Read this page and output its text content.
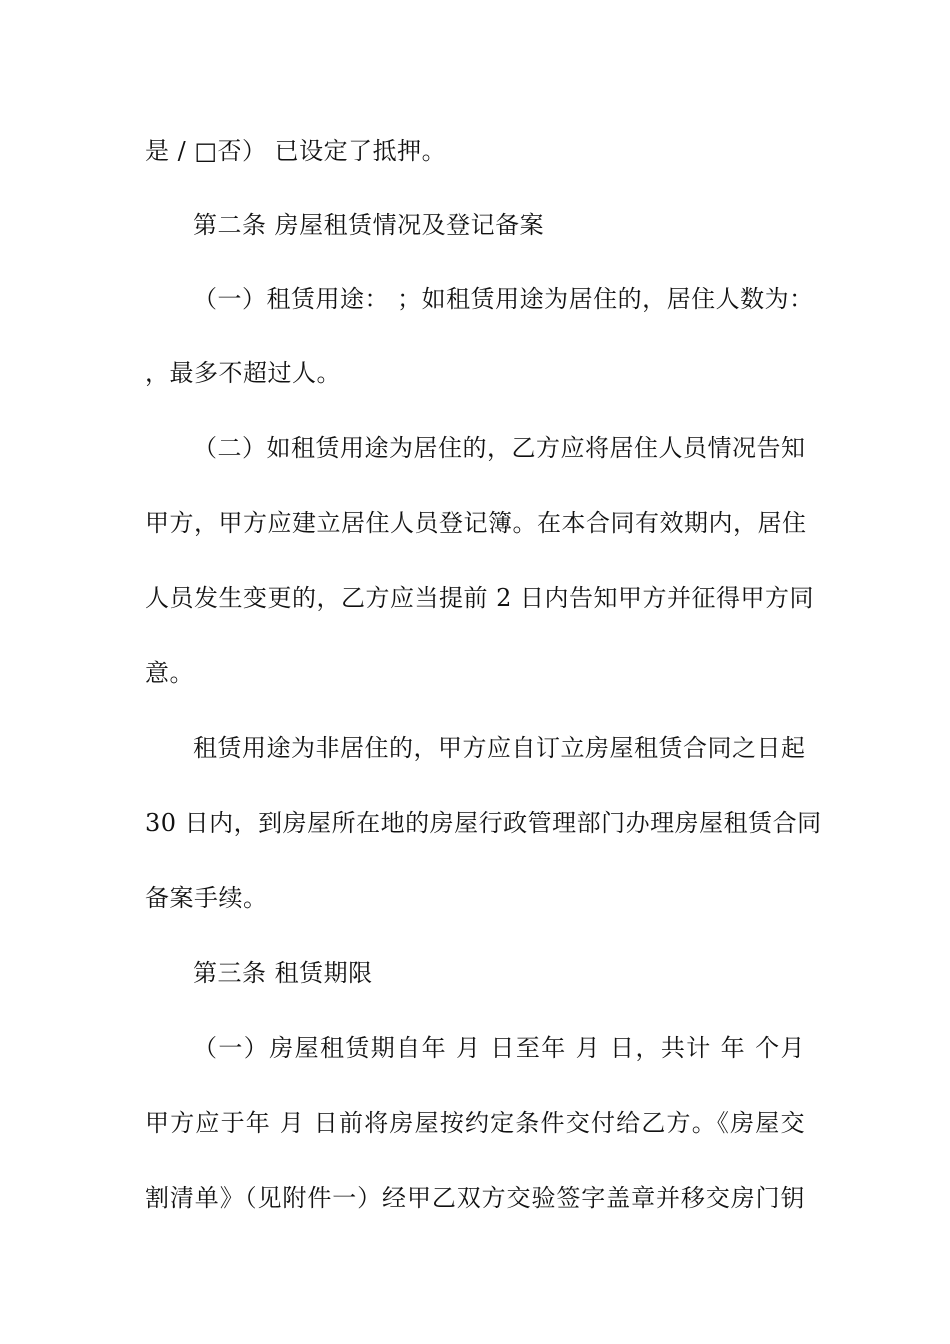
是 / □否） 已设定了抵押。
第二条 房屋租赁情况及登记备案
（一）租赁用途： ；如租赁用途为居住的，居住人数为：
，最多不超过人。
（二）如租赁用途为居住的，乙方应将居住人员情况告知
甲方，甲方应建立居住人员登记簿。在本合同有效期内，居住
人员发生变更的，乙方应当提前 2 日内告知甲方并征得甲方同
意。
租赁用途为非居住的，甲方应自订立房屋租赁合同之日起
30 日内，到房屋所在地的房屋行政管理部门办理房屋租赁合同
备案手续。
第三条 租赁期限
（一）房屋租赁期自年 月 日至年 月 日，共计 年 个月
甲方应于年 月 日前将房屋按约定条件交付给乙方。《房屋交
割清单》（见附件一）经甲乙双方交验签字盖章并移交房门钥
